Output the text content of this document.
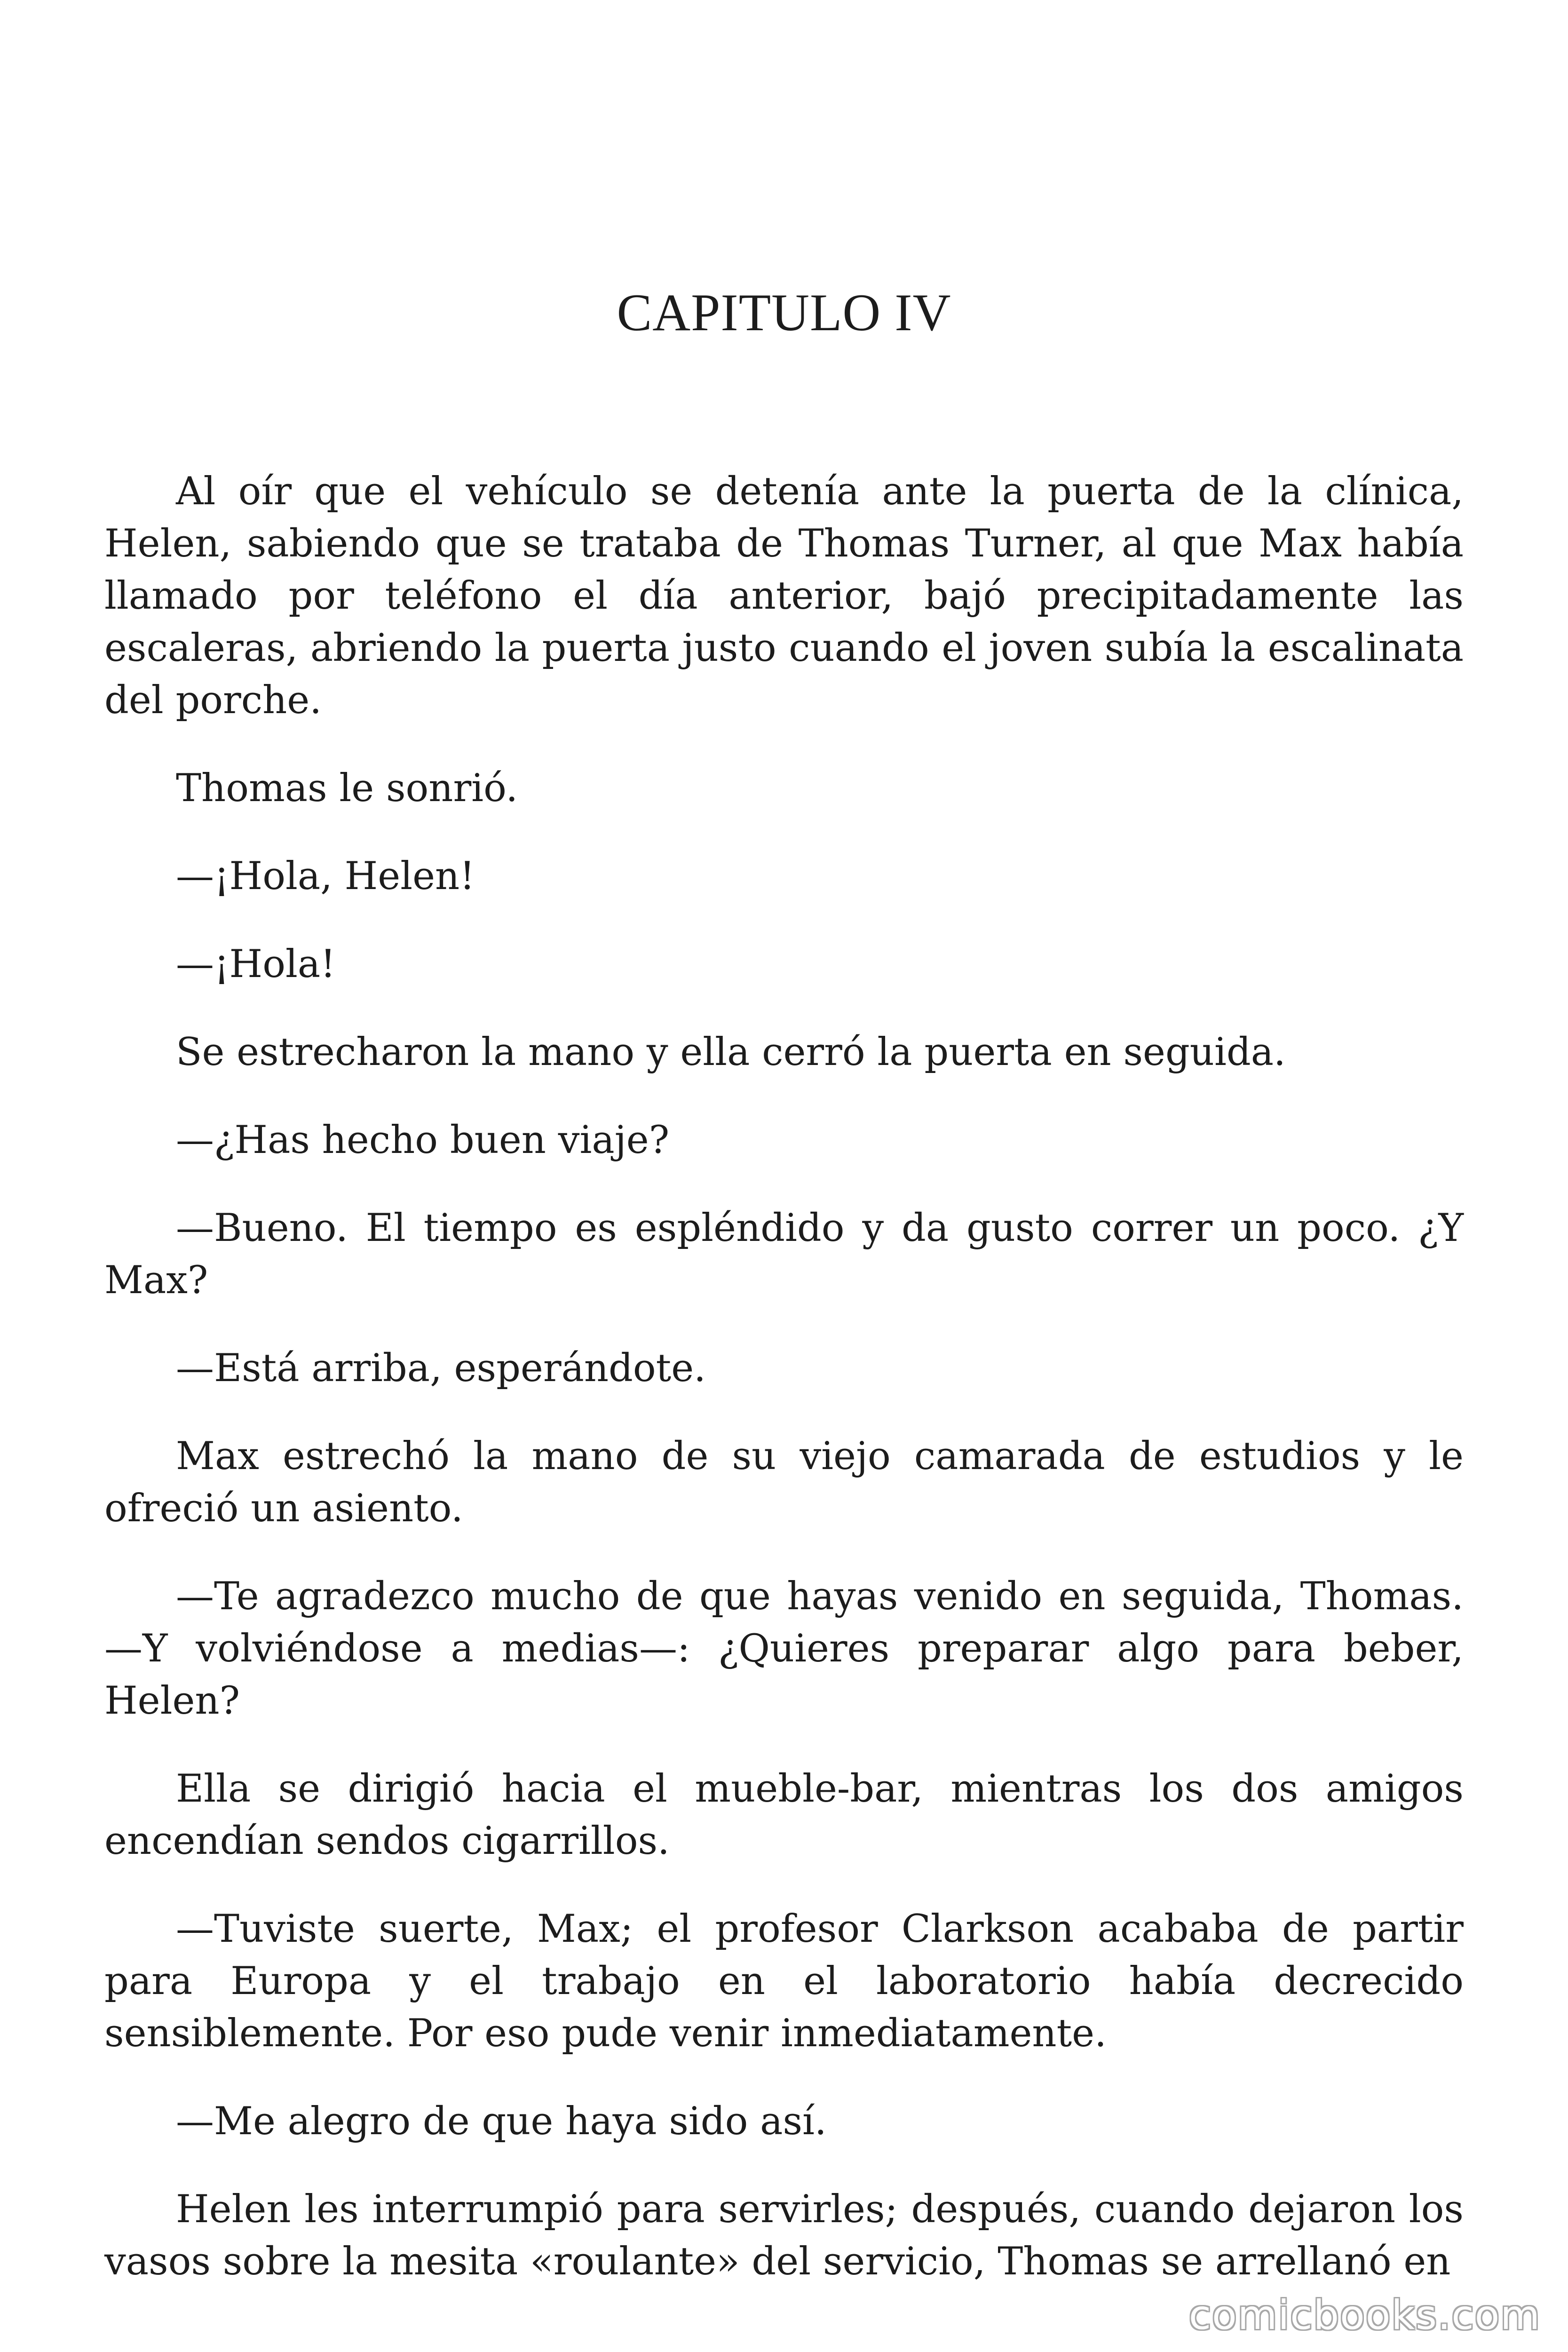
CAPITULO IV

Al oír que el vehículo se detenía ante la puerta de la clínica, Helen, sabiendo que se trataba de Thomas Turner, al que Max había llamado por teléfono el día anterior, bajó precipitadamente las escaleras, abriendo la puerta justo cuando el joven subía la escalinata del porche.

Thomas le sonrió.

—¡Hola, Helen!

—¡Hola!

Se estrecharon la mano y ella cerró la puerta en seguida.

—¿Has hecho buen viaje?

—Bueno. El tiempo es espléndido y da gusto correr un poco. ¿Y Max?

—Está arriba, esperándote.

Max estrechó la mano de su viejo camarada de estudios y le ofreció un asiento.

—Te agradezco mucho de que hayas venido en seguida, Thomas. —Y volviéndose a medias—: ¿Quieres preparar algo para beber, Helen?

Ella se dirigió hacia el mueble-bar, mientras los dos amigos encendían sendos cigarrillos.

—Tuviste suerte, Max; el profesor Clarkson acababa de partir para Europa y el trabajo en el laboratorio había decrecido sensiblemente. Por eso pude venir inmediatamente.

—Me alegro de que haya sido así.

Helen les interrumpió para servirles; después, cuando dejaron los vasos sobre la mesita «roulante» del servicio, Thomas se arrellanó en

comicbooks.com
